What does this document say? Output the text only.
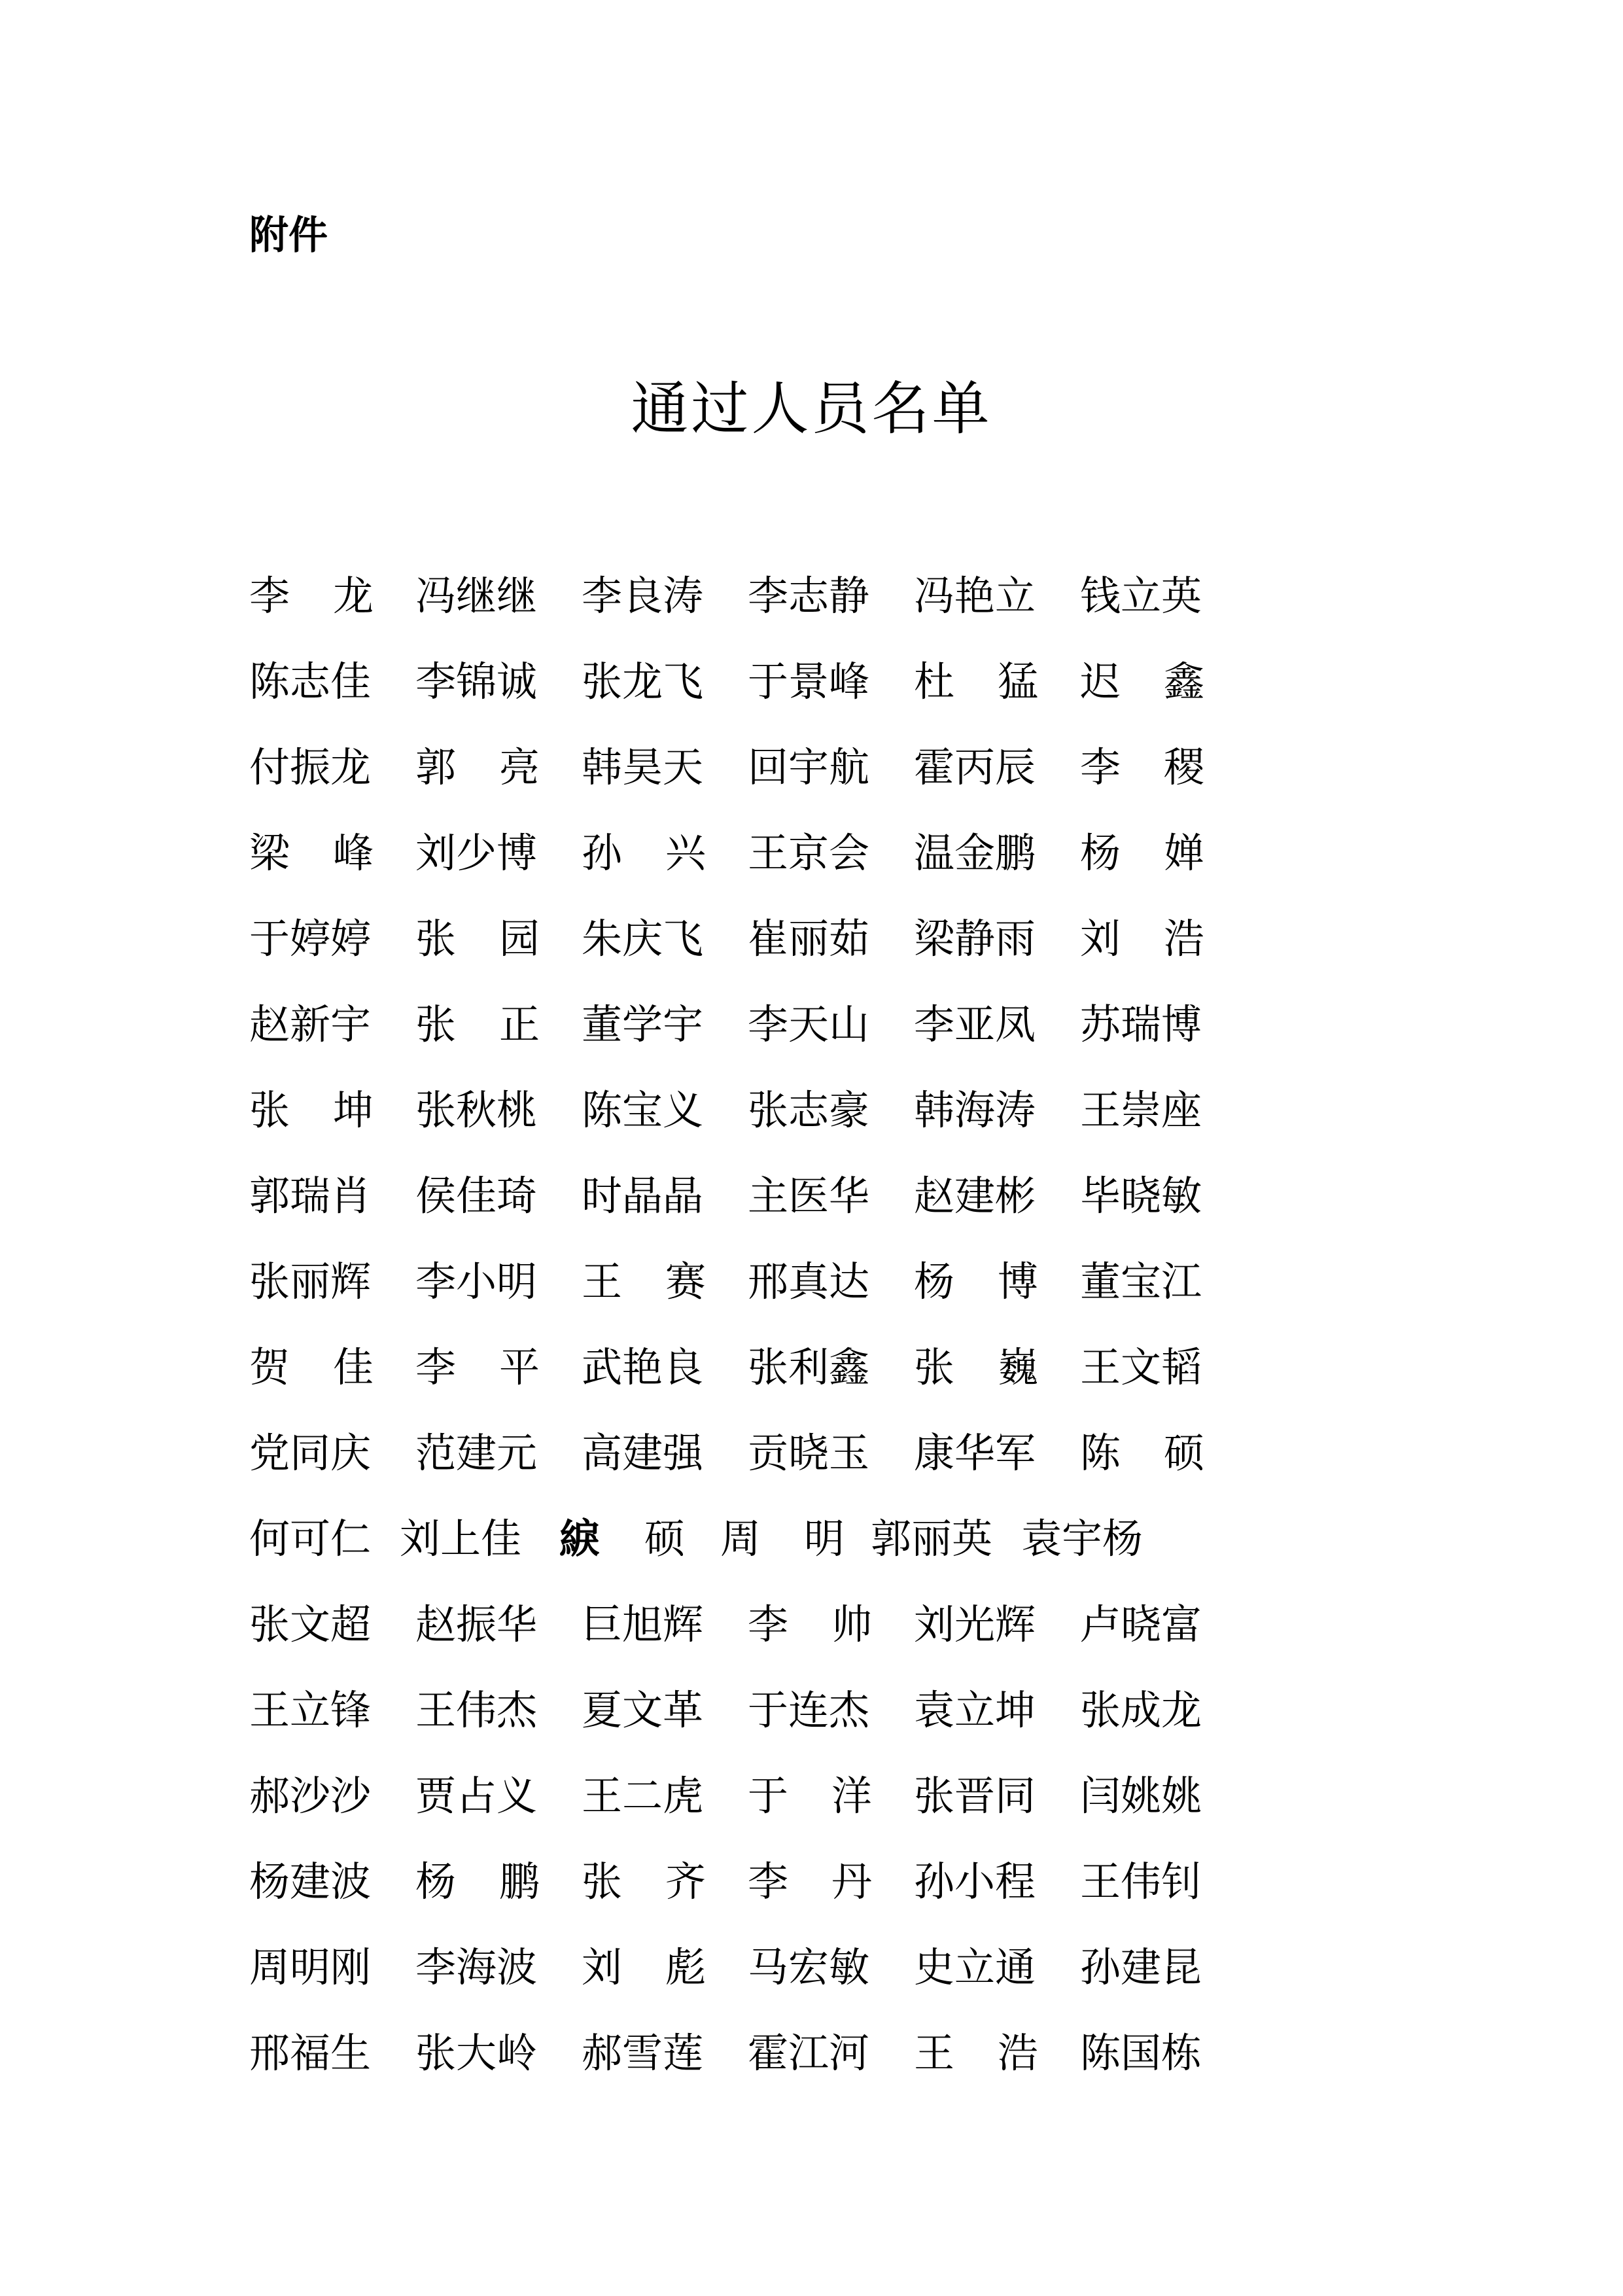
附件
通过人员名单
李 龙 冯继继 李良涛 李志静 冯艳立 钱立英
陈志佳 李锦诚 张龙飞 于景峰 杜 猛 迟 鑫
付振龙 郭 亮 韩昊天 回宇航 霍丙辰 李 稷
梁 峰 刘少博 孙 兴 王京会 温金鹏 杨 婵
于婷婷 张 园 朱庆飞 崔丽茹 梁静雨 刘 浩
赵新宇 张 正 董学宇 李天山 李亚凤 苏瑞博
张 坤 张秋桃 陈宝义 张志豪 韩海涛 王崇座
郭瑞肖 侯佳琦 时晶晶 主医华 赵建彬 毕晓敏
张丽辉 李小明 王 赛 邢真达 杨 博 董宝江
贺 佳 李 平 武艳良 张利鑫 张 巍 王文韬
党同庆 范建元 高建强 贡晓玉 康华军 陈 硕
何可仁 刘上佳 綟 硕 周 明 郭丽英 袁宇杨
张文超 赵振华 巨旭辉 李 帅 刘光辉 卢晓富
王立锋 王伟杰 夏文革 于连杰 袁立坤 张成龙
郝沙沙 贾占义 王二虎 于 洋 张晋同 闫姚姚
杨建波 杨 鹏 张 齐 李 丹 孙小程 王伟钊
周明刚 李海波 刘 彪 马宏敏 史立通 孙建昆
邢福生 张大岭 郝雪莲 霍江河 王 浩 陈国栋
